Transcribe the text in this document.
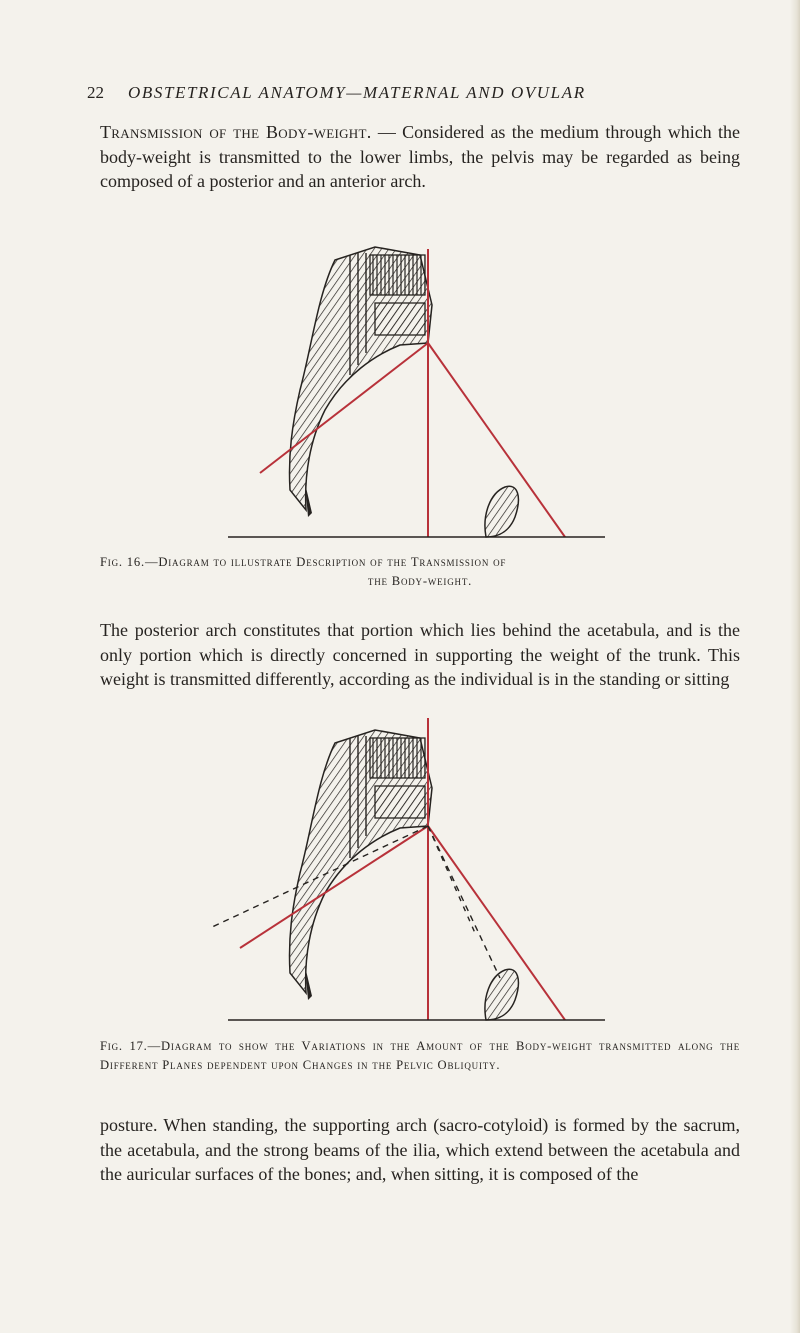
22 OBSTETRICAL ANATOMY—MATERNAL AND OVULAR
Transmission of the Body-weight. — Considered as the medium through which the body-weight is transmitted to the lower limbs, the pelvis may be regarded as being composed of a posterior and an anterior arch.
Fig. 16.—Diagram to illustrate Description of the Transmission of
the Body-weight.
The posterior arch constitutes that portion which lies behind the acetabula, and is the only portion which is directly concerned in supporting the weight of the trunk. This weight is transmitted differently, according as the individual is in the standing or sitting
Fig. 17.—Diagram to show the Variations in the Amount of the Body-weight transmitted along the Different Planes dependent upon Changes in the Pelvic Obliquity.
posture. When standing, the supporting arch (sacro-cotyloid) is formed by the sacrum, the acetabula, and the strong beams of the ilia, which extend between the acetabula and the auricular surfaces of the bones; and, when sitting, it is composed of the
